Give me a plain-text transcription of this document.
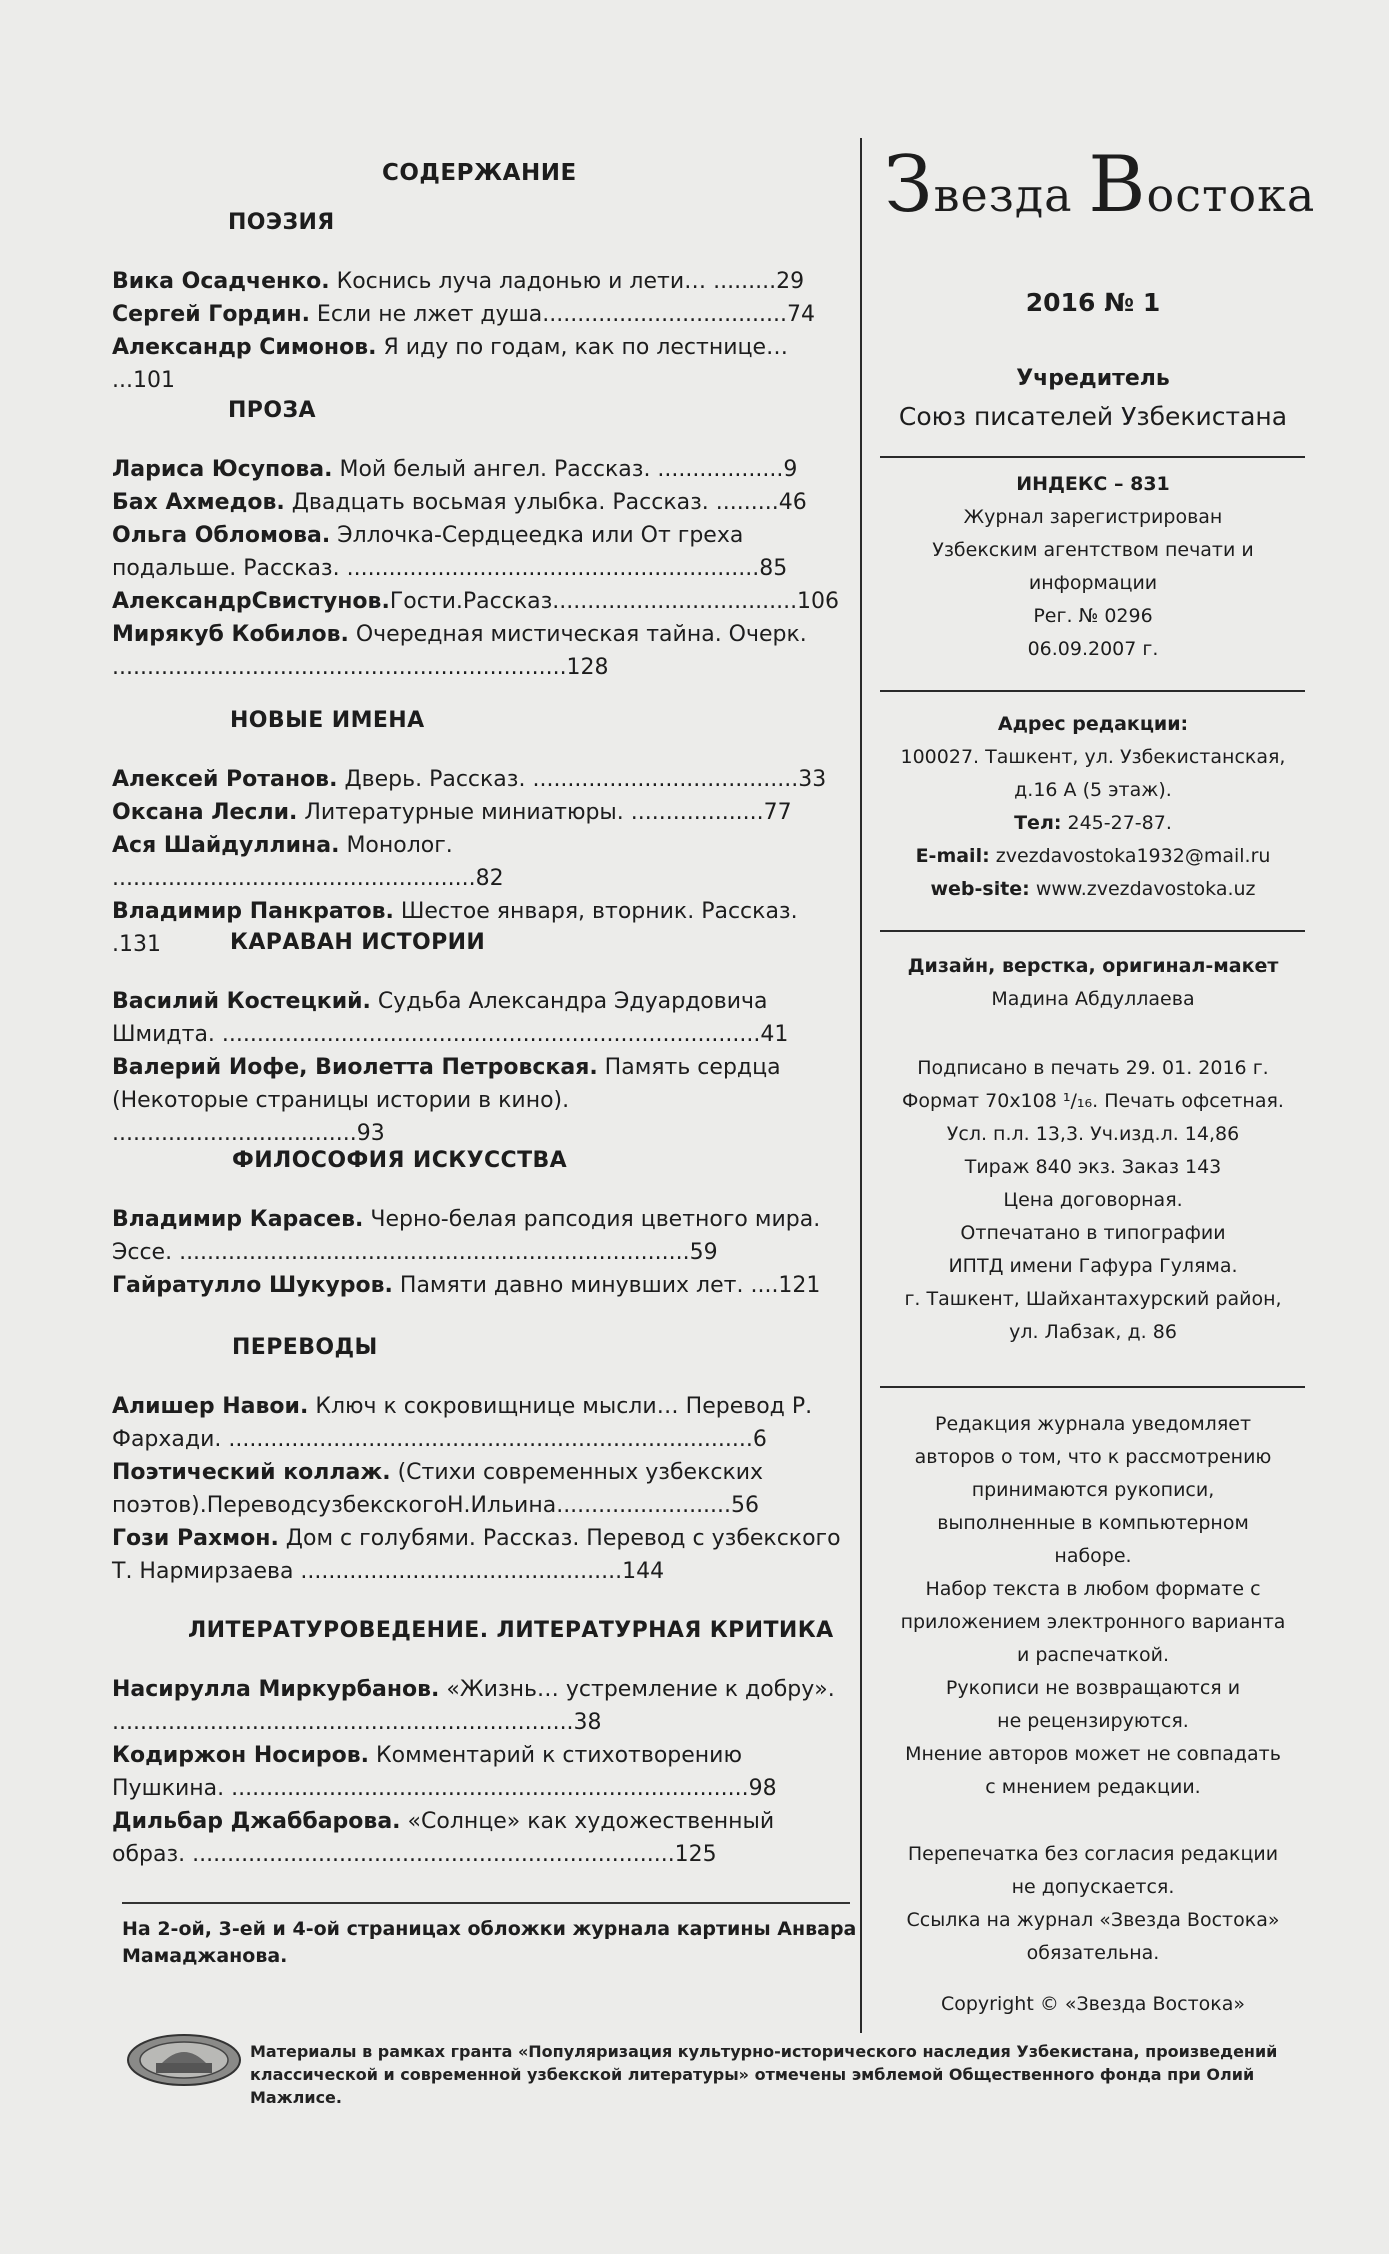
СОДЕРЖАНИЕ
ПОЭЗИЯ

Вика Осадченко. Коснись луча ладонью и лети… .........29

Сергей Гордин. Если не лжет душа...................................74

Александр Симонов. Я иду по годам, как по лестнице… ...101

ПРОЗА

Лариса Юсупова. Мой белый ангел. Рассказ. ..................9

Бах Ахмедов. Двадцать восьмая улыбка. Рассказ. .........46

Ольга Обломова. Эллочка-Сердцеедка или От греха подальше. Рассказ. ...........................................................85

АлександрСвистунов.Гости.Рассказ...................................106

Мирякуб Кобилов. Очередная мистическая тайна. Очерк. .................................................................128

НОВЫЕ ИМЕНА

Алексей Ротанов. Дверь. Рассказ. ......................................33

Оксана Лесли. Литературные миниатюры. ...................77

Ася Шайдуллина. Монолог. ....................................................82

Владимир Панкратов. Шестое января, вторник. Рассказ. .131	КАРАВАН ИСТОРИИ

Василий Костецкий. Судьба Александра Эдуардовича Шмидта. .............................................................................41

Валерий Иофе, Виолетта Петровская. Память сердца (Некоторые страницы истории в кино). ...................................93

ФИЛОСОФИЯ ИСКУССТВА

Владимир Карасев. Черно-белая рапсодия цветного мира. Эссе. .........................................................................59

Гайратулло Шукуров. Памяти давно минувших лет. ....121

ПЕРЕВОДЫ

Алишер Навои. Ключ к сокровищнице мысли… Перевод Р. Фархади. ...........................................................................6

Поэтический коллаж. (Стихи современных узбекских поэтов).ПереводсузбекскогоН.Ильина.........................56

Гози Рахмон. Дом с голубями. Рассказ. Перевод с узбекского Т. Нармирзаева ..............................................144

ЛИТЕРАТУРОВЕДЕНИЕ. ЛИТЕРАТУРНАЯ КРИТИКА

Насирулла Миркурбанов. «Жизнь… устремление к добру». ..................................................................38

Кодиржон Носиров. Комментарий к стихотворению Пушкина. ..........................................................................98

Дильбар Джаббарова. «Солнце» как художественный образ. .....................................................................125

На 2-ой, 3-ей и 4-ой страницах обложки журнала картины Анвара Мамаджанова.
Звезда Востока
2016 № 1
Учредитель
Союз писателей Узбекистана
ИНДЕКС – 831
Журнал зарегистрирован
Узбекским агентством печати и
информации
Рег. № 0296
06.09.2007 г.
Адрес редакции:
100027. Ташкент, ул. Узбекистанская,
д.16 А (5 этаж).
Тел: 245-27-87.
E-mail: zvezdavostoka1932@mail.ru
web-site: www.zvezdavostoka.uz
Дизайн, верстка, оригинал-макет
Мадина Абдуллаева
Подписано в печать 29. 01. 2016 г.
Формат 70х108 ¹/₁₆. Печать офсетная.
Усл. п.л. 13,3. Уч.изд.л. 14,86
Тираж 840 экз. Заказ 143
Цена договорная.
Отпечатано в типографии
ИПТД имени Гафура Гуляма.
г. Ташкент, Шайхантахурский район,
ул. Лабзак, д. 86
Редакция журнала уведомляет
авторов о том, что к рассмотрению
принимаются рукописи,
выполненные в компьютерном
наборе.
Набор текста в любом формате с
приложением электронного варианта
и распечаткой.
Рукописи не возвращаются и
не рецензируются.
Мнение авторов может не совпадать
с мнением редакции.
Перепечатка без согласия редакции
не допускается.
Ссылка на журнал «Звезда Востока»
обязательна.
Copyright © «Звезда Востока»
Материалы в рамках гранта «Популяризация культурно-исторического наследия Узбекистана, произведений классической и современной узбекской литературы» отмечены эмблемой Общественного фонда при Олий Мажлисе.
